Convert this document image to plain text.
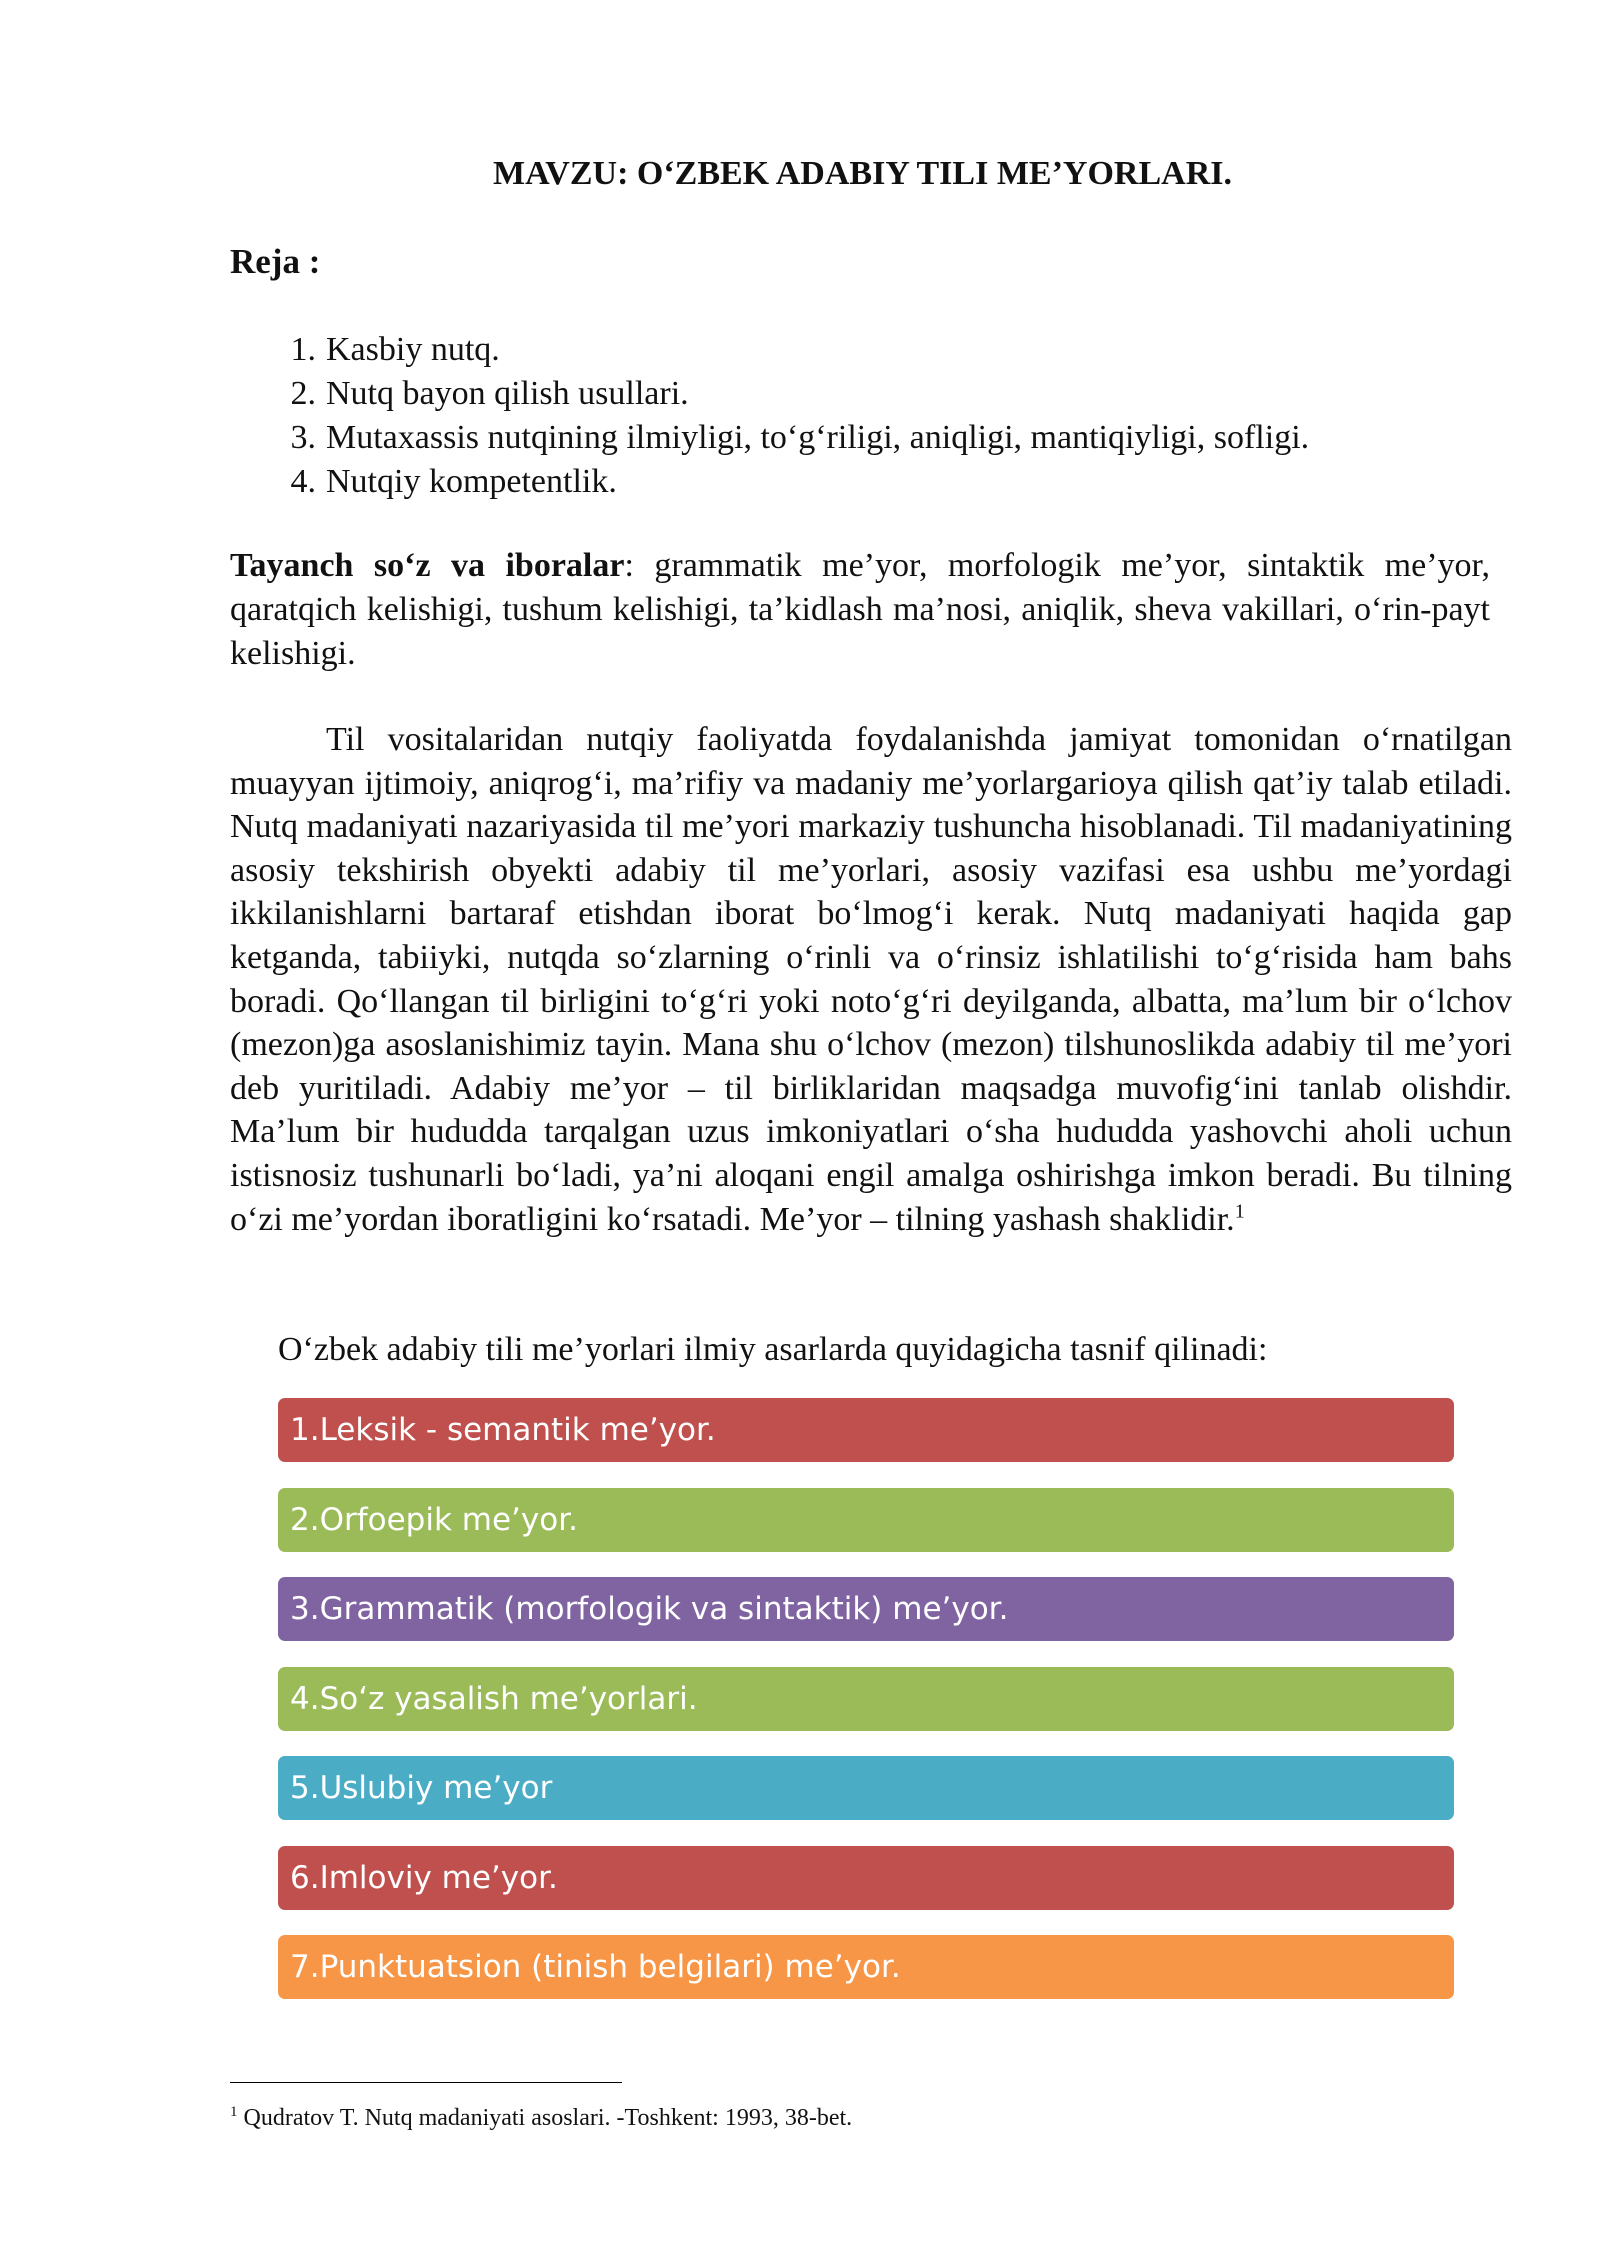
MAVZU: O‘ZBEK ADABIY TILI ME’YORLARI.
Reja :
1. Kasbiy nutq.
2. Nutq bayon qilish usullari.
3. Mutaxassis nutqining ilmiyligi, to‘g‘riligi, aniqligi, mantiqiyligi, sofligi.
4. Nutqiy kompetentlik.
Tayanch so‘z va iboralar: grammatik me’yor, morfologik me’yor, sintaktik me’yor, qaratqich kelishigi, tushum kelishigi, ta’kidlash ma’nosi, aniqlik, sheva vakillari, o‘rin-payt kelishigi.
Til vositalaridan nutqiy faoliyatda foydalanishda jamiyat tomonidan o‘rnatilgan muayyan ijtimoiy, aniqrog‘i, ma’rifiy va madaniy me’yorlargarioya qilish qat’iy talab etiladi. Nutq madaniyati nazariyasida til me’yori markaziy tushuncha hisoblanadi. Til madaniyatining asosiy tekshirish obyekti adabiy til me’yorlari, asosiy vazifasi esa ushbu me’yordagi ikkilanishlarni bartaraf etishdan iborat bo‘lmog‘i kerak. Nutq madaniyati haqida gap ketganda, tabiiyki, nutqda so‘zlarning o‘rinli va o‘rinsiz ishlatilishi to‘g‘risida ham bahs boradi. Qo‘llangan til birligini to‘g‘ri yoki noto‘g‘ri deyilganda, albatta, ma’lum bir o‘lchov (mezon)ga asoslanishimiz tayin. Mana shu o‘lchov (mezon) tilshunoslikda adabiy til me’yori deb yuritiladi. Adabiy me’yor – til birliklaridan maqsadga muvofig‘ini tanlab olishdir. Ma’lum bir hududda tarqalgan uzus imkoniyatlari o‘sha hududda yashovchi aholi uchun istisnosiz tushunarli bo‘ladi, ya’ni aloqani engil amalga oshirishga imkon beradi. Bu tilning o‘zi me’yordan iboratligini ko‘rsatadi. Me’yor – tilning yashash shaklidir.$^1$
O‘zbek adabiy tili me’yorlari ilmiy asarlarda quyidagicha tasnif qilinadi:
1.Leksik - semantik me’yor.
2.Orfoepik me’yor.
3.Grammatik (morfologik va sintaktik) me’yor.
4.So‘z yasalish me’yorlari.
5.Uslubiy me’yor
6.Imloviy me’yor.
7.Punktuatsion (tinish belgilari) me’yor.
$^1$ Qudratov T. Nutq madaniyati asoslari. -Toshkent: 1993, 38-bet.
